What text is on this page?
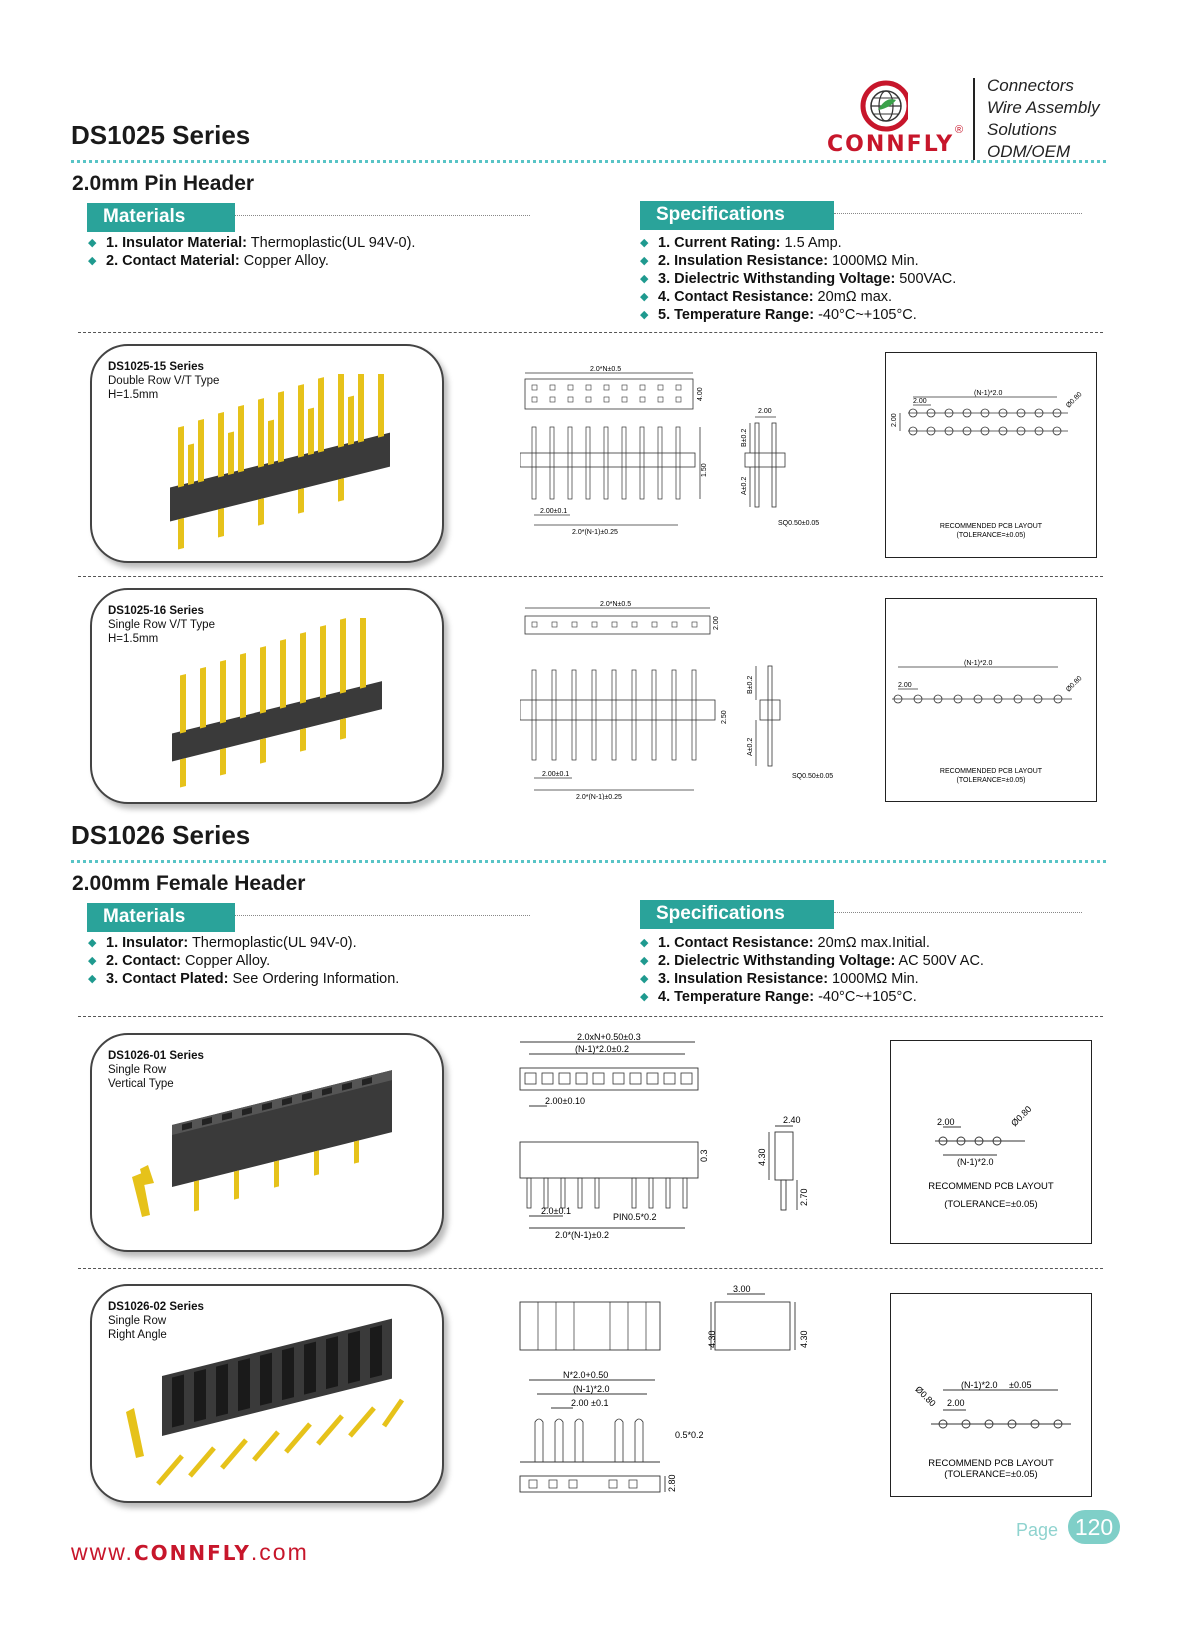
CONNFLY
®
Connectors
Wire Assembly
Solutions
ODM/OEM
DS1025 Series
2.0mm Pin Header
Materials
◆ 1. Insulator Material: Thermoplastic(UL 94V-0).
◆ 2. Contact Material: Copper Alloy.
Specifications
◆ 1. Current Rating: 1.5 Amp.
◆ 2. Insulation Resistance: 1000MΩ Min.
◆ 3. Dielectric Withstanding Voltage: 500VAC.
◆ 4. Contact Resistance: 20mΩ max.
◆ 5. Temperature Range: -40°C~+105°C.
DS1025-15 Series
Double Row V/T Type
H=1.5mm
2.0*N±0.5
4.00
2.00±0.1
2.0*(N-1)±0.25
1.50
2.00
B±0.2
A±0.2
SQ0.50±0.05
(N-1)*2.0
2.00
2.00
Ø0.80
RECOMMENDED PCB LAYOUT
(TOLERANCE=±0.05)
DS1025-16 Series
Single Row V/T Type
H=1.5mm
2.0*N±0.5
2.00
2.00±0.1
2.0*(N-1)±0.25
2.50
B±0.2
A±0.2
SQ0.50±0.05
(N-1)*2.0
2.00	Ø0.80
RECOMMENDED PCB LAYOUT
(TOLERANCE=±0.05)
DS1026 Series
2.00mm Female Header
Materials
◆ 1. Insulator: Thermoplastic(UL 94V-0).
◆ 2. Contact: Copper Alloy.
◆ 3. Contact Plated: See Ordering Information.
Specifications
◆ 1. Contact Resistance: 20mΩ max.Initial.
◆ 2. Dielectric Withstanding Voltage: AC 500V AC.
◆ 3. Insulation Resistance: 1000MΩ Min.
◆ 4. Temperature Range: -40°C~+105°C.
DS1026-01 Series
Single Row
Vertical Type
2.0xN+0.50±0.3
(N-1)*2.0±0.2
2.00±0.10
2.40
4.30
0.3
2.70
2.0±0.1
PIN0.5*0.2
2.0*(N-1)±0.2
2.00	Ø0.80
(N-1)*2.0
RECOMMEND PCB LAYOUT
(TOLERANCE=±0.05)
DS1026-02 Series
Single Row
Right Angle	4.30
3.00
4.30
N*2.0+0.50
(N-1)*2.0
2.00 ±0.1
0.5*0.2
2.80
(N-1)*2.0 ±0.05
2.00
Ø0.80
RECOMMEND PCB LAYOUT
(TOLERANCE=±0.05)
www.CONNFLY.com
Page 120
